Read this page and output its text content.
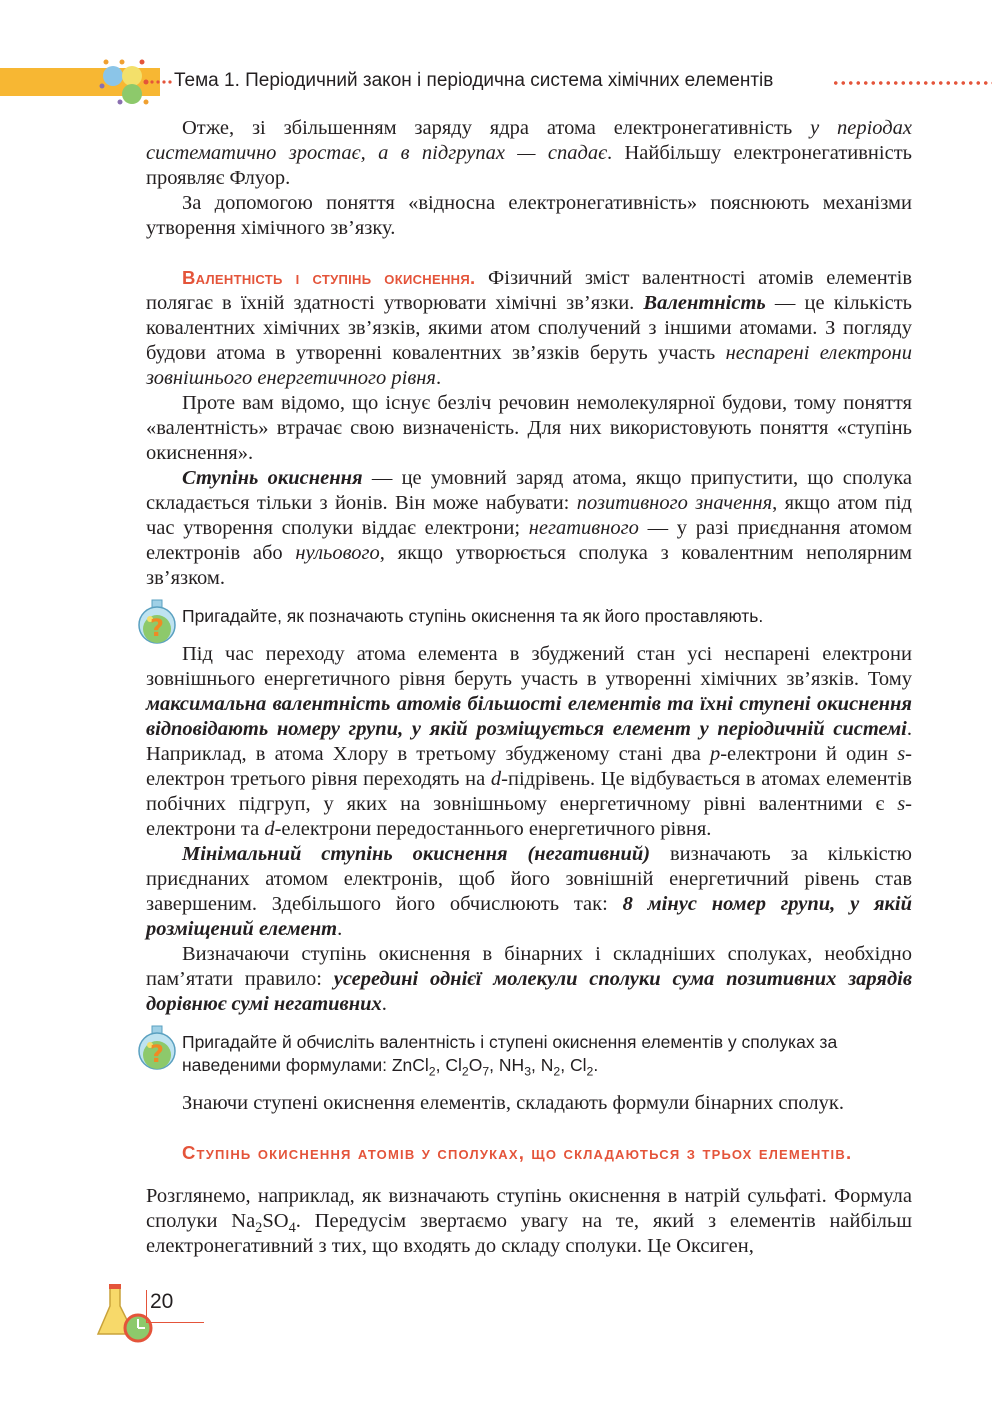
Тема 1. Періодичний закон і періодична система хімічних елементів

Отже, зі збільшенням заряду ядра атома електронегативність у періодах систематично зростає, а в підгрупах — спадає. Найбільшу електронегативність проявляє Флуор.

За допомогою поняття «відносна електронегативність» пояснюють механізми утворення хімічного зв’язку.

Валентність і ступінь окиснення. Фізичний зміст валентності атомів елементів полягає в їхній здатності утворювати хімічні зв’язки. Валентність — це кількість ковалентних хімічних зв’язків, якими атом сполучений з іншими атомами. З погляду будови атома в утворенні ковалентних зв’язків беруть участь неспарені електрони зовнішнього енергетичного рівня.

Проте вам відомо, що існує безліч речовин немолекулярної будови, тому поняття «валентність» втрачає свою визначеність. Для них використовують поняття «ступінь окиснення».

Ступінь окиснення — це умовний заряд атома, якщо припустити, що сполука складається тільки з йонів. Він може набувати: позитивного значення, якщо атом під час утворення сполуки віддає електрони; негативного — у разі приєднання атомом електронів або нульового, якщо утворюється сполука з ковалентним неполярним зв’язком.

? Пригадайте, як позначають ступінь окиснення та як його проставляють.

Під час переходу атома елемента в збуджений стан усі неспарені електрони зовнішнього енергетичного рівня беруть участь в утворенні хімічних зв’язків. Тому максимальна валентність атомів більшості елементів та їхні ступені окиснення відповідають номеру групи, у якій розміщується елемент у періодичній системі. Наприклад, в атома Хлору в третьому збудженому стані два p-електрони й один s-електрон третього рівня переходять на d-підрівень. Це відбувається в атомах елементів побічних підгруп, у яких на зовнішньому енергетичному рівні валентними є s-електрони та d-електрони передостаннього енергетичного рівня.

Мінімальний ступінь окиснення (негативний) визначають за кількістю приєднаних атомом електронів, щоб його зовнішній енергетичний рівень став завершеним. Здебільшого його обчислюють так: 8 мінус номер групи, у якій розміщений елемент.

Визначаючи ступінь окиснення в бінарних і складніших сполуках, необхідно пам’ятати правило: усередині однієї молекули сполуки сума позитивних зарядів дорівнює сумі негативних.

? Пригадайте й обчисліть валентність і ступені окиснення елементів у сполуках за наведеними формулами: ZnCl$_2$, $Cl_2O_7$, $NH_3$, $N_2$, $Cl_2$.

Знаючи ступені окиснення елементів, складають формули бінарних сполук.

Ступінь окиснення атомів у сполуках, що складаються з трьох елементів.

Розглянемо, наприклад, як визначають ступінь окиснення в натрій сульфаті. Формула сполуки $Na_2SO_4$. Передусім звертаємо увагу на те, який з елементів найбільш електронегативний з тих, що входять до складу сполуки. Це Оксиген,

20
